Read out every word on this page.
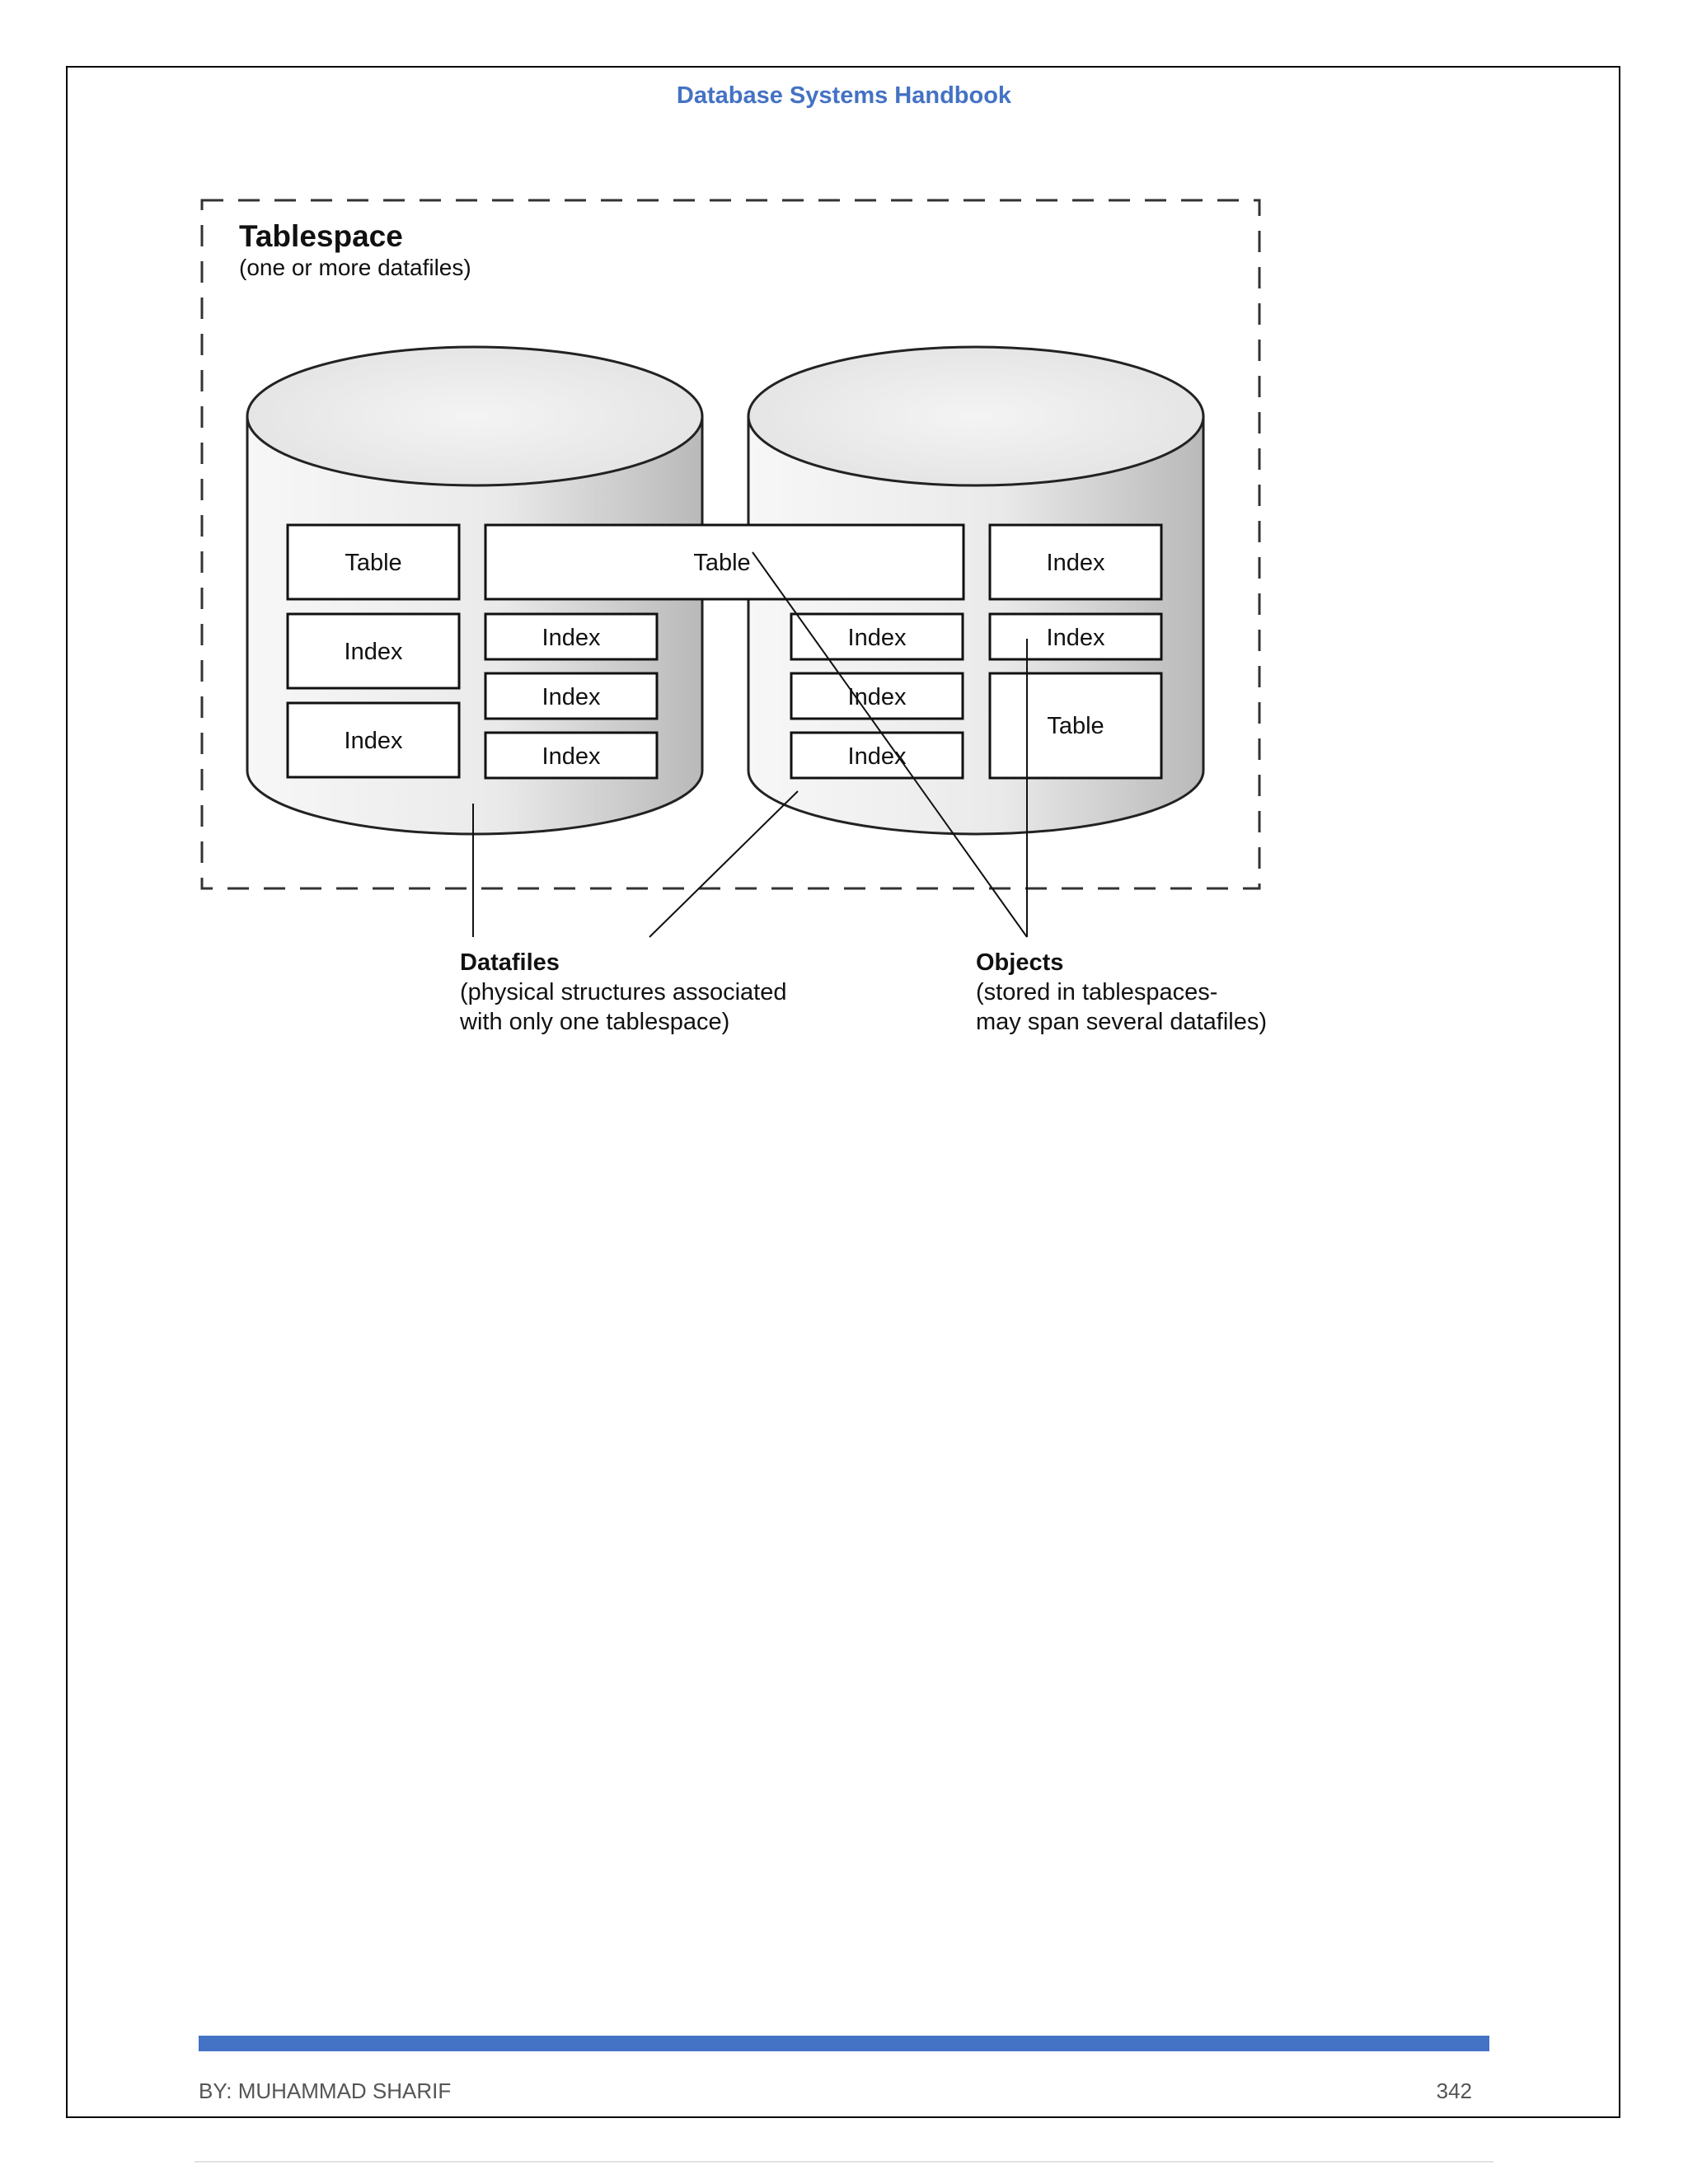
Database Systems Handbook
Tablespace
(one or more datafiles)
Table
Index
Index
Index
Index
Index
Table	Index
Index
Index
Index
Index
Table
Datafiles
(physical structures associated
with only one tablespace)
Objects
(stored in tablespaces-
may span several datafiles)
BY: MUHAMMAD SHARIF	342
